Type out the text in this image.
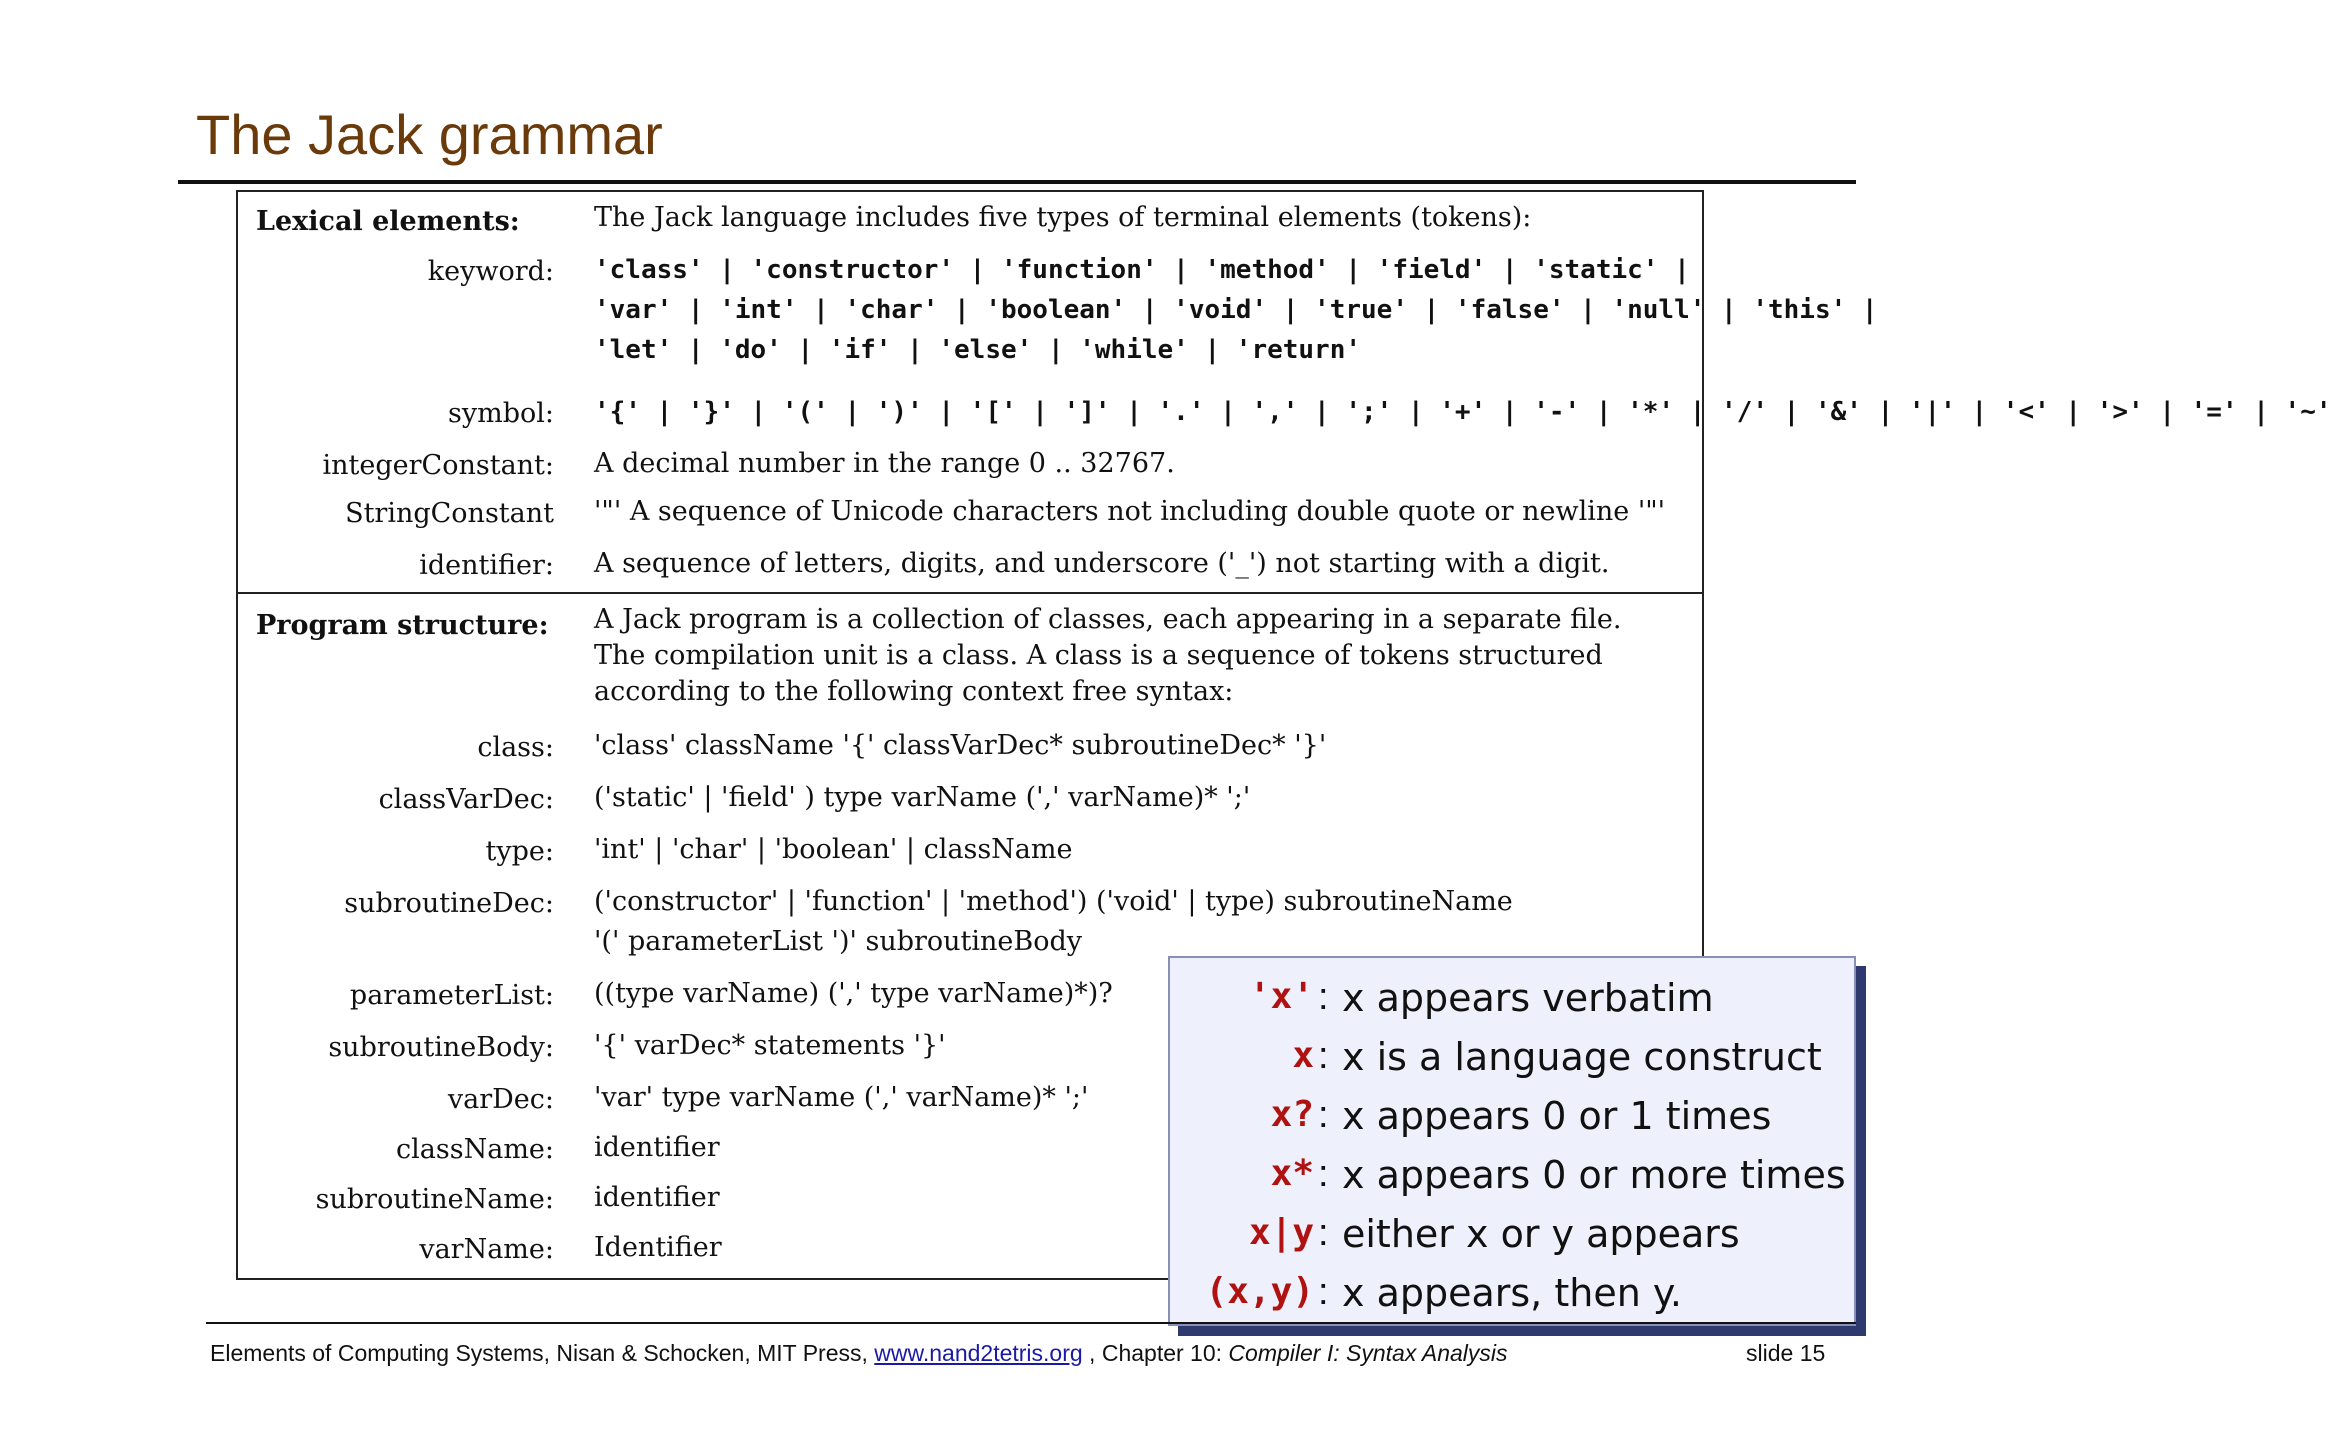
The Jack grammar
Lexical elements:	The Jack language includes five types of terminal elements (tokens):
keyword: 'class' | 'constructor' | 'function' | 'method' | 'field' | 'static' |
'var' | 'int' | 'char' | 'boolean' | 'void' | 'true' | 'false' | 'null' | 'this' |
'let' | 'do' | 'if' | 'else' | 'while' | 'return'
symbol: '{' | '}' | '(' | ')' | '[' | ']' | '.' | ',' | ';' | '+' | '-' | '*' | '/' | '&' | '|' | '<' | '>' | '=' | '~'
integerConstant: A decimal number in the range 0 .. 32767.
StringConstant '"' A sequence of Unicode characters not including double quote or newline '"'
identifier: A sequence of letters, digits, and underscore ('_') not starting with a digit.
Program structure: A Jack program is a collection of classes, each appearing in a separate file.
The compilation unit is a class. A class is a sequence of tokens structured
according to the following context free syntax:
class: 'class' className '{' classVarDec* subroutineDec* '}'
classVarDec: ('static' | 'field' ) type varName (',' varName)* ';'
type: 'int' | 'char' | 'boolean' | className
subroutineDec: ('constructor' | 'function' | 'method') ('void' | type) subroutineName
'(' parameterList ')' subroutineBody
parameterList: ((type varName) (',' type varName)*)?
subroutineBody: '{' varDec* statements '}'
varDec: 'var' type varName (',' varName)* ';'
className: identifier
subroutineName: identifier
varName: Identifier
'x' : x appears verbatim
x : x is a language construct
x? : x appears 0 or 1 times
x* : x appears 0 or more times
x|y : either x or y appears
(x,y) : x appears, then y.
Elements of Computing Systems, Nisan & Schocken, MIT Press, www.nand2tetris.org , Chapter 10: Compiler I: Syntax Analysis	slide 15
